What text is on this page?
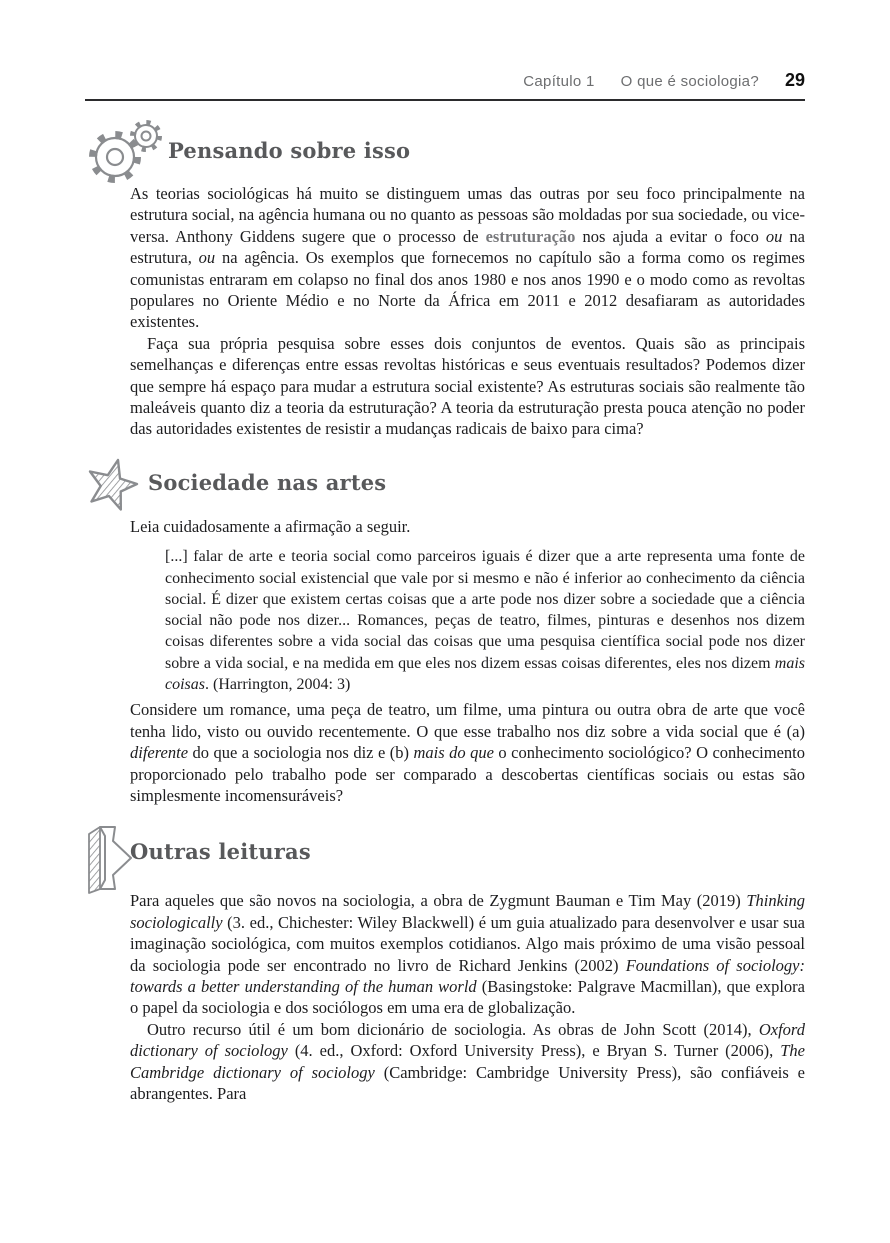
Capítulo 1 O que é sociologia? 29
Pensando sobre isso

As teorias sociológicas há muito se distinguem umas das outras por seu foco principalmente na estrutura social, na agência humana ou no quanto as pessoas são moldadas por sua sociedade, ou vice-versa. Anthony Giddens sugere que o processo de estruturação nos ajuda a evitar o foco ou na estrutura, ou na agência. Os exemplos que fornecemos no capítulo são a forma como os regimes comunistas entraram em colapso no final dos anos 1980 e nos anos 1990 e o modo como as revoltas populares no Oriente Médio e no Norte da África em 2011 e 2012 desafiaram as autoridades existentes.

Faça sua própria pesquisa sobre esses dois conjuntos de eventos. Quais são as principais semelhanças e diferenças entre essas revoltas históricas e seus eventuais resultados? Podemos dizer que sempre há espaço para mudar a estrutura social existente? As estruturas sociais são realmente tão maleáveis quanto diz a teoria da estruturação? A teoria da estruturação presta pouca atenção no poder das autoridades existentes de resistir a mudanças radicais de baixo para cima?

Sociedade nas artes

Leia cuidadosamente a afirmação a seguir.

[...] falar de arte e teoria social como parceiros iguais é dizer que a arte representa uma fonte de conhecimento social existencial que vale por si mesmo e não é inferior ao conhecimento da ciência social. É dizer que existem certas coisas que a arte pode nos dizer sobre a sociedade que a ciência social não pode nos dizer... Romances, peças de teatro, filmes, pinturas e desenhos nos dizem coisas diferentes sobre a vida social das coisas que uma pesquisa científica social pode nos dizer sobre a vida social, e na medida em que eles nos dizem essas coisas diferentes, eles nos dizem mais coisas. (Harrington, 2004: 3)

Considere um romance, uma peça de teatro, um filme, uma pintura ou outra obra de arte que você tenha lido, visto ou ouvido recentemente. O que esse trabalho nos diz sobre a vida social que é (a) diferente do que a sociologia nos diz e (b) mais do que o conhecimento sociológico? O conhecimento proporcionado pelo trabalho pode ser comparado a descobertas científicas sociais ou estas são simplesmente incomensuráveis?

Outras leituras

Para aqueles que são novos na sociologia, a obra de Zygmunt Bauman e Tim May (2019) Thinking sociologically (3. ed., Chichester: Wiley Blackwell) é um guia atualizado para desenvolver e usar sua imaginação sociológica, com muitos exemplos cotidianos. Algo mais próximo de uma visão pessoal da sociologia pode ser encontrado no livro de Richard Jenkins (2002) Foundations of sociology: towards a better understanding of the human world (Basingstoke: Palgrave Macmillan), que explora o papel da sociologia e dos sociólogos em uma era de globalização.

Outro recurso útil é um bom dicionário de sociologia. As obras de John Scott (2014), Oxford dictionary of sociology (4. ed., Oxford: Oxford University Press), e Bryan S. Turner (2006), The Cambridge dictionary of sociology (Cambridge: Cambridge University Press), são confiáveis e abrangentes. Para
